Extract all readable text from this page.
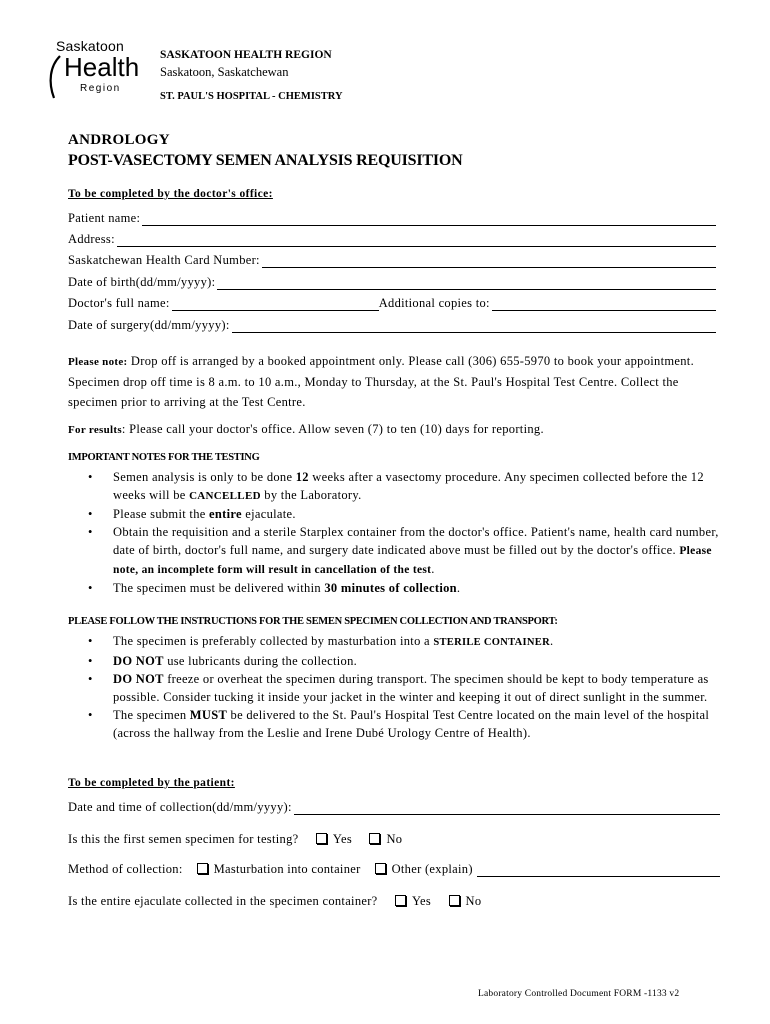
Saskatoon
Health
Region
SASKATOON HEALTH REGION
Saskatoon, Saskatchewan
ST. PAUL'S HOSPITAL - CHEMISTRY
ANDROLOGY
POST-VASECTOMY SEMEN ANALYSIS REQUISITION
To be completed by the doctor's office:
Patient name:
Address:
Saskatchewan Health Card Number:
Date of birth(dd/mm/yyyy):
Doctor's full name:	Additional copies to:
Date of surgery(dd/mm/yyyy):
Please note: Drop off is arranged by a booked appointment only. Please call (306) 655-5970 to book your appointment. Specimen drop off time is 8 a.m. to 10 a.m., Monday to Thursday, at the St. Paul's Hospital Test Centre. Collect the specimen prior to arriving at the Test Centre.
For results: Please call your doctor's office. Allow seven (7) to ten (10) days for reporting.
IMPORTANT NOTES FOR THE TESTING
• Semen analysis is only to be done 12 weeks after a vasectomy procedure. Any specimen collected before the 12 weeks will be CANCELLED by the Laboratory.
• Please submit the entire ejaculate.
• Obtain the requisition and a sterile Starplex container from the doctor's office. Patient's name, health card number, date of birth, doctor's full name, and surgery date indicated above must be filled out by the doctor's office. Please note, an incomplete form will result in cancellation of the test.
• The specimen must be delivered within 30 minutes of collection.
PLEASE FOLLOW THE INSTRUCTIONS FOR THE SEMEN SPECIMEN COLLECTION AND TRANSPORT:
• The specimen is preferably collected by masturbation into a STERILE CONTAINER.
• DO NOT use lubricants during the collection.
• DO NOT freeze or overheat the specimen during transport. The specimen should be kept to body temperature as possible. Consider tucking it inside your jacket in the winter and keeping it out of direct sunlight in the summer.
• The specimen MUST be delivered to the St. Paul's Hospital Test Centre located on the main level of the hospital (across the hallway from the Leslie and Irene Dubé Urology Centre of Health).
To be completed by the patient:
Date and time of collection(dd/mm/yyyy):
Is this the first semen specimen for testing?	Yes	No
Method of collection:	Masturbation into container	Other (explain)
Is the entire ejaculate collected in the specimen container?	Yes	No
Laboratory Controlled Document FORM -1133 v2
